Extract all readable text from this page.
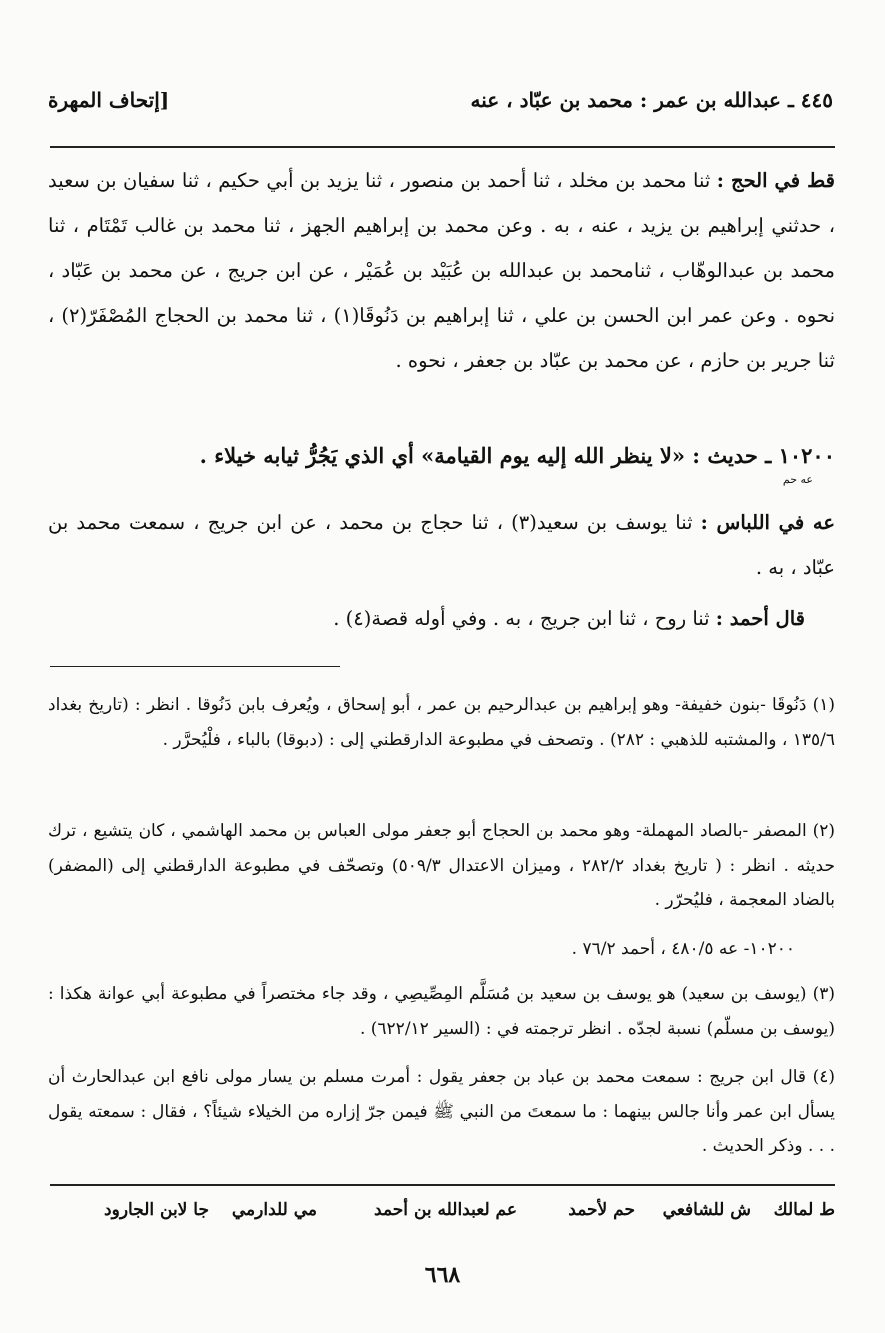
٤٤٥ ـ عبدالله بن عمر : محمد بن عبّاد ، عنه
[إتحاف المهرة

قط في الحج : ثنا محمد بن مخلد ، ثنا أحمد بن منصور ، ثنا يزيد بن أبي حكيم ، ثنا سفيان بن سعيد ، حدثني إبراهيم بن يزيد ، عنه ، به . وعن محمد بن إبراهيم الجهز ، ثنا محمد بن غالب تَمْتَام ، ثنا محمد بن عبدالوهّاب ، ثنامحمد بن عبدالله بن عُبَيْد بن عُمَيْر ، عن ابن جريج ، عن محمد بن عَبّاد ، نحوه . وعن عمر ابن الحسن بن علي ، ثنا إبراهيم بن دَنُوقَا(١) ، ثنا محمد بن الحجاج المُصْفَرّ(٢) ، ثنا جرير بن حازم ، عن محمد بن عبّاد بن جعفر ، نحوه .

١٠٢٠٠ ـ حديث : «لا ينظر الله إليه يوم القيامة» أي الذي يَجُرُّ ثيابه خيلاء .

عه حم

عه في اللباس : ثنا يوسف بن سعيد(٣) ، ثنا حجاج بن محمد ، عن ابن جريج ، سمعت محمد بن عبّاد ، به .

قال أحمد : ثنا روح ، ثنا ابن جريج ، به . وفي أوله قصة(٤) .

(١) دَنُوقَا -بنون خفيفة- وهو إبراهيم بن عبدالرحيم بن عمر ، أبو إسحاق ، ويُعرف بابن دَنُوقا . انظر : (تاريخ بغداد ١٣٥/٦ ، والمشتبه للذهبي : ٢٨٢) . وتصحف في مطبوعة الدارقطني إلى : (دبوقا) بالباء ، فلْيُحرَّر .

(٢) المصفر -بالصاد المهملة- وهو محمد بن الحجاج أبو جعفر مولى العباس بن محمد الهاشمي ، كان يتشيع ، ترك حديثه . انظر : ( تاريخ بغداد ٢٨٢/٢ ، وميزان الاعتدال ٥٠٩/٣) وتصحّف في مطبوعة الدارقطني إلى (المضفر) بالضاد المعجمة ، فليُحرّر .

١٠٢٠٠- عه ٤٨٠/٥ ، أحمد ٧٦/٢ .

(٣) (يوسف بن سعيد) هو يوسف بن سعيد بن مُسَلَّم المِصِّيصِي ، وقد جاء مختصراً في مطبوعة أبي عوانة هكذا : (يوسف بن مسلّم) نسبة لجدّه . انظر ترجمته في : (السير ٦٢٢/١٢) .

(٤) قال ابن جريج : سمعت محمد بن عباد بن جعفر يقول : أمرت مسلم بن يسار مولى نافع ابن عبدالحارث أن يسأل ابن عمر وأنا جالس بينهما : ما سمعتَ من النبي ﷺ فيمن جرّ إزاره من الخيلاء شيئاً؟ ، فقال : سمعته يقول . . . وذكر الحديث .

ط لمالك
ش للشافعي
حم لأحمد
عم لعبدالله بن أحمد
مي للدارمي
جا لابن الجارود
٦٦٨
